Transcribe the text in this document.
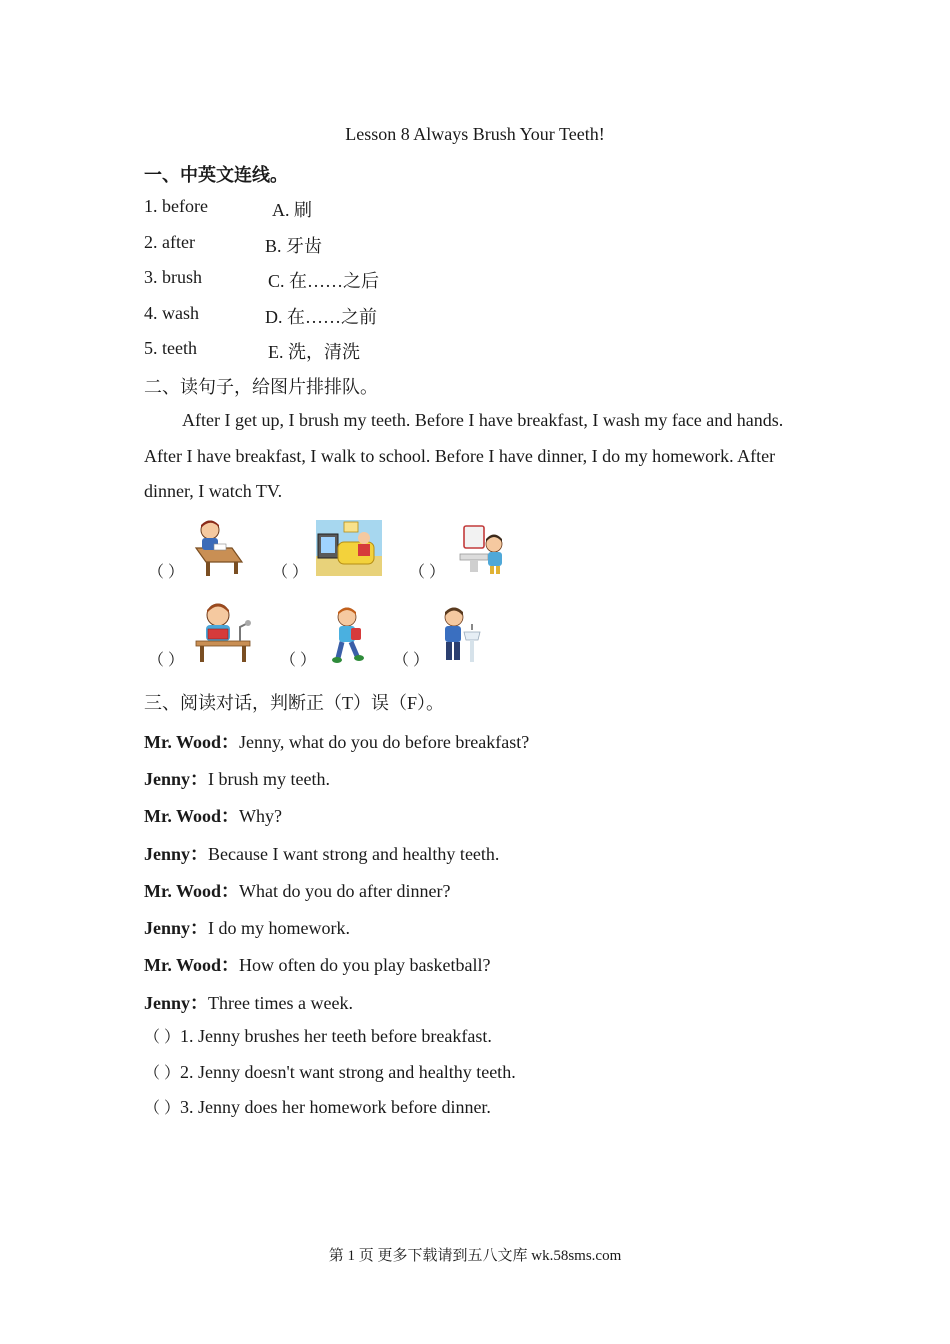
Lesson 8 Always Brush Your Teeth!
一、中英文连线。
1. before	A. 刷
2. after	B. 牙齿
3. brush	C. 在……之后
4. wash	D. 在……之前
5. teeth	E. 洗，清洗
二、读句子，给图片排排队。
After I get up, I brush my teeth. Before I have breakfast, I wash my face and hands. After I have breakfast, I walk to school. Before I have dinner, I do my homework. After dinner, I watch TV.
（ ）	（ ）	（ ）
（ ）	（ ）	（ ）
三、阅读对话，判断正（T）误（F）。
Mr. Wood：Jenny, what do you do before breakfast?
Jenny：I brush my teeth.
Mr. Wood：Why?
Jenny：Because I want strong and healthy teeth.
Mr. Wood：What do you do after dinner?
Jenny：I do my homework.
Mr. Wood：How often do you play basketball?
Jenny：Three times a week.
（ ）1. Jenny brushes her teeth before breakfast.
（ ）2. Jenny doesn't want strong and healthy teeth.
（ ）3. Jenny does her homework before dinner.
第 1 页 更多下载请到五八文库 wk.58sms.com
